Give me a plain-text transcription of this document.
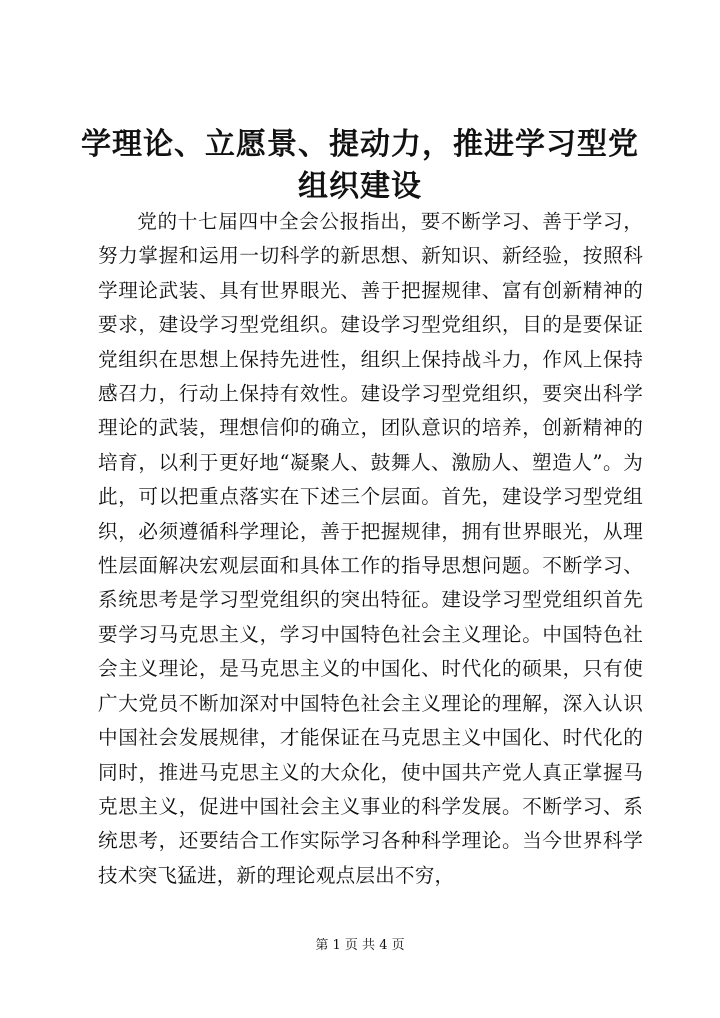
学理论、立愿景、提动力，推进学习型党组织建设

党的十七届四中全会公报指出，要不断学习、善于学习，努力掌握和运用一切科学的新思想、新知识、新经验，按照科学理论武装、具有世界眼光、善于把握规律、富有创新精神的要求，建设学习型党组织。建设学习型党组织，目的是要保证党组织在思想上保持先进性，组织上保持战斗力，作风上保持感召力，行动上保持有效性。建设学习型党组织，要突出科学理论的武装，理想信仰的确立，团队意识的培养，创新精神的培育，以利于更好地“凝聚人、鼓舞人、激励人、塑造人”。为此，可以把重点落实在下述三个层面。首先，建设学习型党组织，必须遵循科学理论，善于把握规律，拥有世界眼光，从理性层面解决宏观层面和具体工作的指导思想问题。不断学习、系统思考是学习型党组织的突出特征。建设学习型党组织首先要学习马克思主义，学习中国特色社会主义理论。中国特色社会主义理论，是马克思主义的中国化、时代化的硕果，只有使广大党员不断加深对中国特色社会主义理论的理解，深入认识中国社会发展规律，才能保证在马克思主义中国化、时代化的同时，推进马克思主义的大众化，使中国共产党人真正掌握马克思主义，促进中国社会主义事业的科学发展。不断学习、系统思考，还要结合工作实际学习各种科学理论。当今世界科学技术突飞猛进，新的理论观点层出不穷，

第 1 页 共 4 页
